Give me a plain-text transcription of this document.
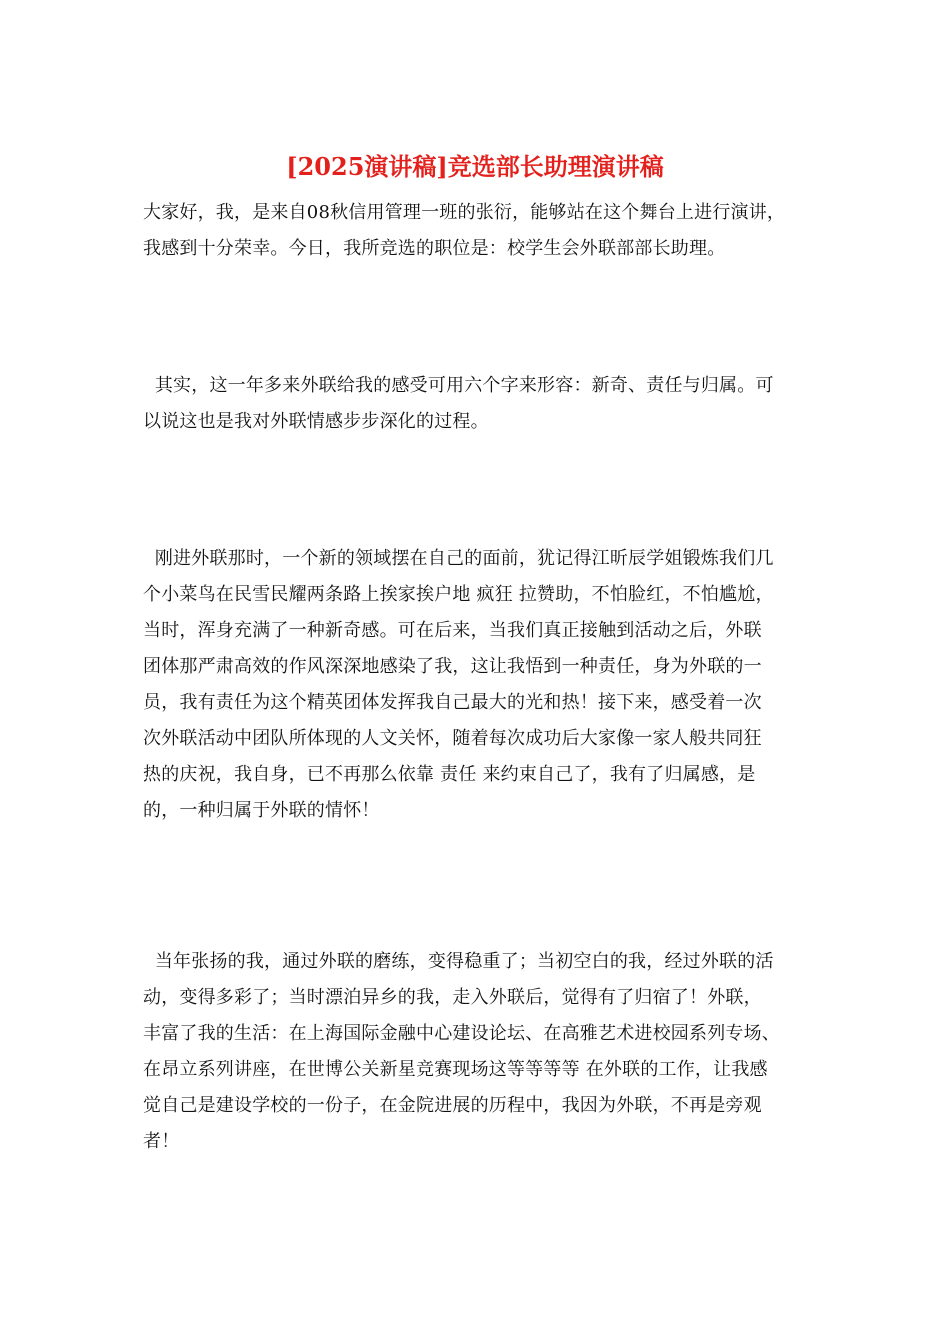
[2025演讲稿]竞选部长助理演讲稿
大家好，我，是来自08秋信用管理一班的张衍，能够站在这个舞台上进行演讲，
我感到十分荣幸。今日，我所竞选的职位是：校学生会外联部部长助理。
其实，这一年多来外联给我的感受可用六个字来形容：新奇、责任与归属。可
以说这也是我对外联情感步步深化的过程。
刚进外联那时，一个新的领域摆在自己的面前，犹记得江昕辰学姐锻炼我们几
个小菜鸟在民雪民耀两条路上挨家挨户地 疯狂 拉赞助，不怕脸红，不怕尴尬，
当时，浑身充满了一种新奇感。可在后来，当我们真正接触到活动之后，外联
团体那严肃高效的作风深深地感染了我，这让我悟到一种责任，身为外联的一
员，我有责任为这个精英团体发挥我自己最大的光和热！接下来，感受着一次
次外联活动中团队所体现的人文关怀，随着每次成功后大家像一家人般共同狂
热的庆祝，我自身，已不再那么依靠 责任 来约束自己了，我有了归属感，是
的，一种归属于外联的情怀！
当年张扬的我，通过外联的磨练，变得稳重了；当初空白的我，经过外联的活
动，变得多彩了；当时漂泊异乡的我，走入外联后，觉得有了归宿了！外联，
丰富了我的生活：在上海国际金融中心建设论坛、在高雅艺术进校园系列专场、
在昂立系列讲座，在世博公关新星竞赛现场这等等等等 在外联的工作，让我感
觉自己是建设学校的一份子，在金院进展的历程中，我因为外联，不再是旁观
者！
